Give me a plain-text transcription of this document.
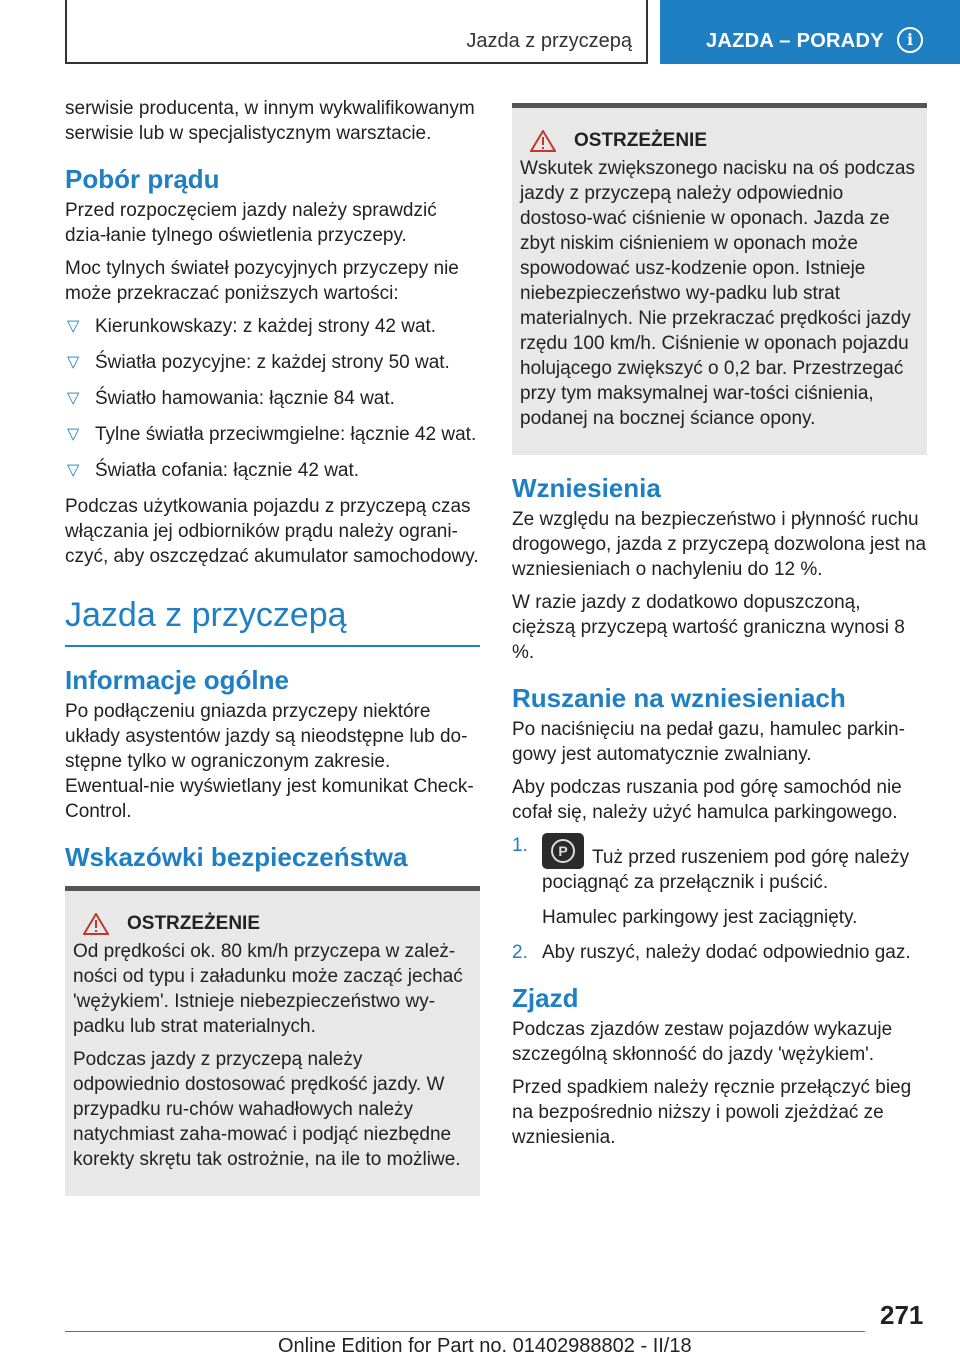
Jazda z przyczepą	JAZDA – PORADY	i

serwisie producenta, w innym wykwalifikowanym serwisie lub w specjalistycznym warsztacie.

Pobór prądu

Przed rozpoczęciem jazdy należy sprawdzić dzia-łanie tylnego oświetlenia przyczepy.

Moc tylnych świateł pozycyjnych przyczepy nie może przekraczać poniższych wartości:

▽ Kierunkowskazy: z każdej strony 42 wat.
▽ Światła pozycyjne: z każdej strony 50 wat.
▽ Światło hamowania: łącznie 84 wat.
▽ Tylne światła przeciwmgielne: łącznie 42 wat.
▽ Światła cofania: łącznie 42 wat.

Podczas użytkowania pojazdu z przyczepą czas włączania jej odbiorników prądu należy ograni-czyć, aby oszczędzać akumulator samochodowy.

Jazda z przyczepą
Informacje ogólne

Po podłączeniu gniazda przyczepy niektóre układy asystentów jazdy są nieodstępne lub do-stępne tylko w ograniczonym zakresie. Ewentual-nie wyświetlany jest komunikat Check-Control.

Wskazówki bezpieczeństwa
OSTRZEŻENIE

Od prędkości ok. 80 km/h przyczepa w zależ-ności od typu i załadunku może zacząć jechać 'wężykiem'. Istnieje niebezpieczeństwo wy-padku lub strat materialnych.

Podczas jazdy z przyczepą należy odpowiednio dostosować prędkość jazdy. W przypadku ru-chów wahadłowych należy natychmiast zaha-mować i podjąć niezbędne korekty skrętu tak ostrożnie, na ile to możliwe.

OSTRZEŻENIE

Wskutek zwiększonego nacisku na oś podczas jazdy z przyczepą należy odpowiednio dostoso-wać ciśnienie w oponach. Jazda ze zbyt niskim ciśnieniem w oponach może spowodować usz-kodzenie opon. Istnieje niebezpieczeństwo wy-padku lub strat materialnych. Nie przekraczać prędkości jazdy rzędu 100 km/h. Ciśnienie w oponach pojazdu holującego zwiększyć o 0,2 bar. Przestrzegać przy tym maksymalnej war-tości ciśnienia, podanej na bocznej ściance opony.

Wzniesienia

Ze względu na bezpieczeństwo i płynność ruchu drogowego, jazda z przyczepą dozwolona jest na wzniesieniach o nachyleniu do 12 %.

W razie jazdy z dodatkowo dopuszczoną, cięższą przyczepą wartość graniczna wynosi 8 %.

Ruszanie na wzniesieniach

Po naciśnięciu na pedał gazu, hamulec parkin-gowy jest automatycznie zwalniany.

Aby podczas ruszania pod górę samochód nie cofał się, należy użyć hamulca parkingowego.

1.	P	Tuż przed ruszeniem pod górę należy pociągnąć za przełącznik i puścić.
Hamulec parkingowy jest zaciągnięty.
2. Aby ruszyć, należy dodać odpowiednio gaz.
Zjazd

Podczas zjazdów zestaw pojazdów wykazuje szczególną skłonność do jazdy 'wężykiem'.

Przed spadkiem należy ręcznie przełączyć bieg na bezpośrednio niższy i powoli zjeżdżać ze wzniesienia.

271
Online Edition for Part no. 01402988802 - II/18
